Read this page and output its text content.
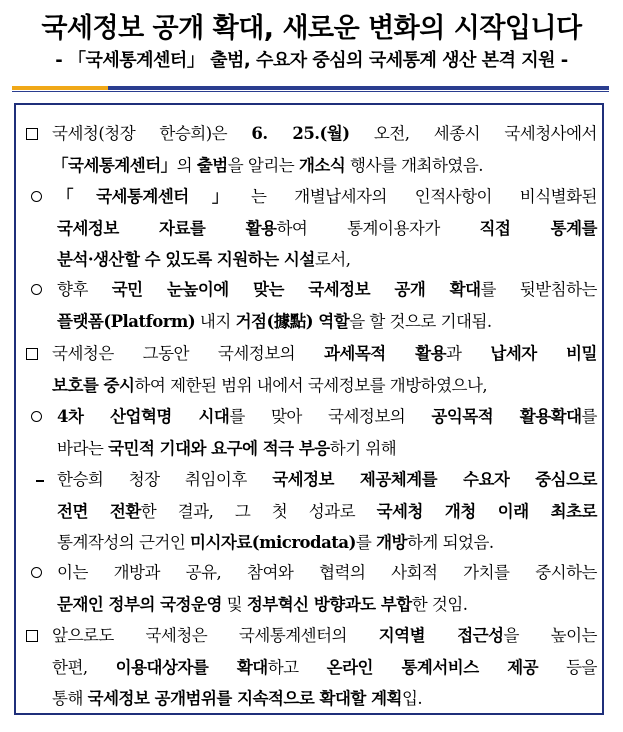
국세정보 공개 확대, 새로운 변화의 시작입니다
- 「국세통계센터」 출범, 수요자 중심의 국세통계 생산 본격 지원 -
국세청(청장 한승희)은 6. 25.(월) 오전, 세종시 국세청사에서
「국세통계센터」의 출범을 알리는 개소식 행사를 개최하였음.
「국세통계센터」는 개별납세자의 인적사항이 비식별화된
국세정보 자료를 활용하여 통계이용자가 직접 통계를
분석·생산할 수 있도록 지원하는 시설로서,
향후 국민 눈높이에 맞는 국세정보 공개 확대를 뒷받침하는
플랫폼(Platform) 내지 거점(據點) 역할을 할 것으로 기대됨.
국세청은 그동안 국세정보의 과세목적 활용과 납세자 비밀
보호를 중시하여 제한된 범위 내에서 국세정보를 개방하였으나,
4차 산업혁명 시대를 맞아 국세정보의 공익목적 활용확대를
바라는 국민적 기대와 요구에 적극 부응하기 위해
한승희 청장 취임이후 국세정보 제공체계를 수요자 중심으로
전면 전환한 결과, 그 첫 성과로 국세청 개청 이래 최초로
통계작성의 근거인 미시자료(microdata)를 개방하게 되었음.
이는 개방과 공유, 참여와 협력의 사회적 가치를 중시하는
문재인 정부의 국정운영 및 정부혁신 방향과도 부합한 것임.
앞으로도 국세청은 국세통계센터의 지역별 접근성을 높이는
한편, 이용대상자를 확대하고 온라인 통계서비스 제공 등을
통해 국세정보 공개범위를 지속적으로 확대할 계획입.
